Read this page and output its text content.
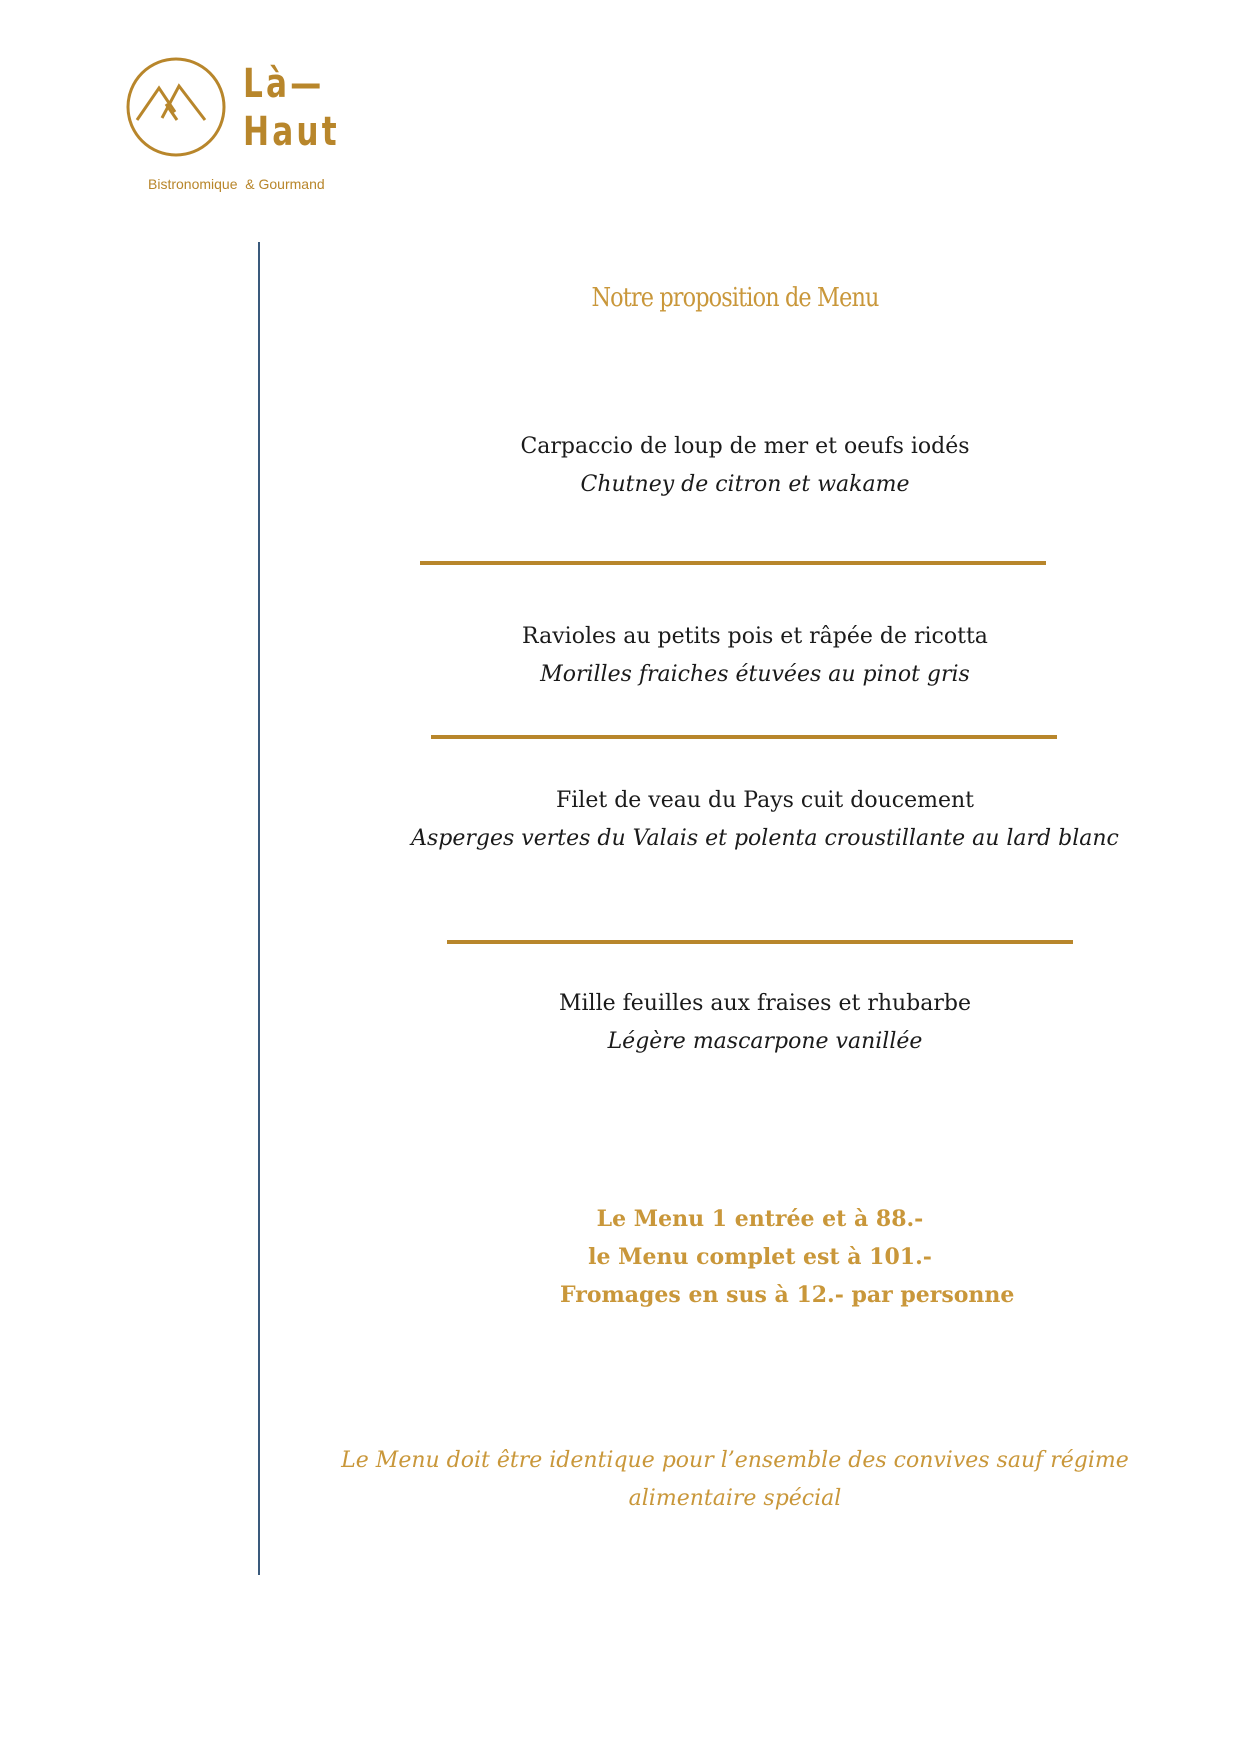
Là—
Haut
Bistronomique  & Gourmand
Notre proposition de Menu
Carpaccio de loup de mer et oeufs iodés
Chutney de citron et wakame
Ravioles au petits pois et râpée de ricotta
Morilles fraiches étuvées au pinot gris
Filet de veau du Pays cuit doucement
Asperges vertes du Valais et polenta croustillante au lard blanc
Mille feuilles aux fraises et rhubarbe
Légère mascarpone vanillée
Le Menu 1 entrée et à 88.-
le Menu complet est à 101.-
Fromages en sus à 12.- par personne
Le Menu doit être identique pour l’ensemble des convives sauf régime alimentaire spécial
